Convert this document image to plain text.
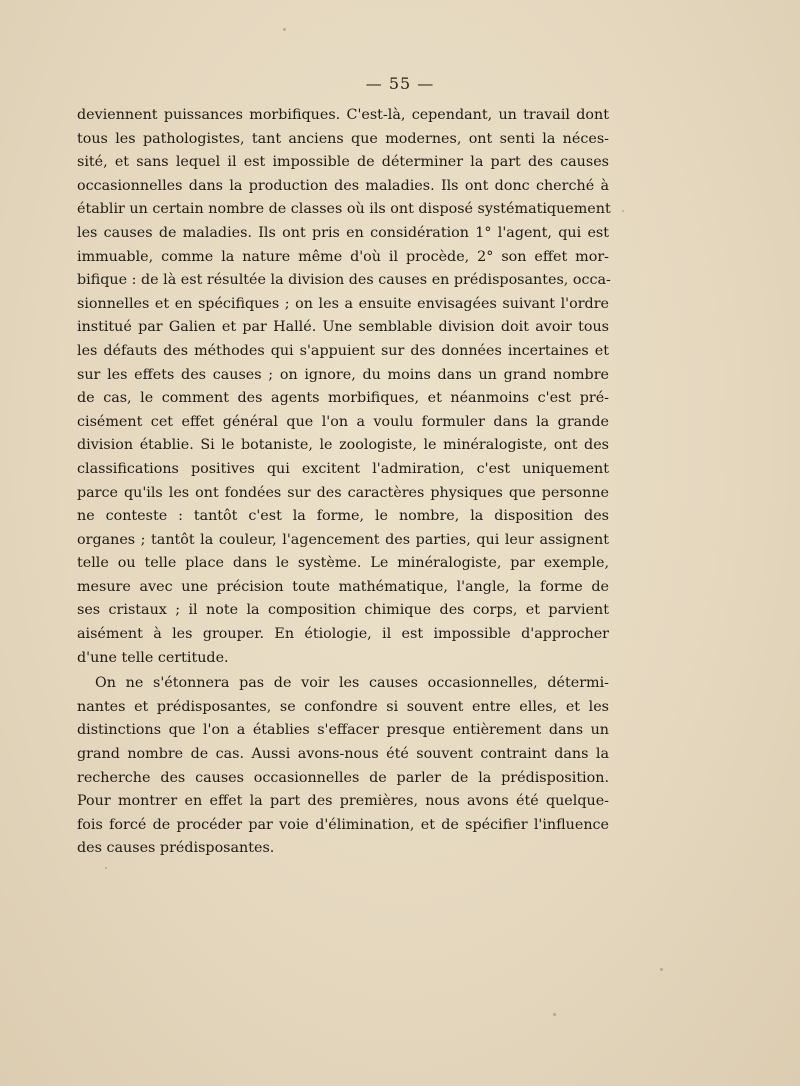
— 55 —
deviennent puissances morbifiques. C'est-là, cependant, un travail dont
tous les pathologistes, tant anciens que modernes, ont senti la néces-
sité, et sans lequel il est impossible de déterminer la part des causes
occasionnelles dans la production des maladies. Ils ont donc cherché à
établir un certain nombre de classes où ils ont disposé systématiquement
les causes de maladies. Ils ont pris en considération 1° l'agent, qui est
immuable, comme la nature même d'où il procède, 2° son effet mor-
bifique : de là est résultée la division des causes en prédisposantes, occa-
sionnelles et en spécifiques ; on les a ensuite envisagées suivant l'ordre
institué par Galien et par Hallé. Une semblable division doit avoir tous
les défauts des méthodes qui s'appuient sur des données incertaines et
sur les effets des causes ; on ignore, du moins dans un grand nombre
de cas, le comment des agents morbifiques, et néanmoins c'est pré-
cisément cet effet général que l'on a voulu formuler dans la grande
division établie. Si le botaniste, le zoologiste, le minéralogiste, ont des
classifications positives qui excitent l'admiration, c'est uniquement
parce qu'ils les ont fondées sur des caractères physiques que personne
ne conteste : tantôt c'est la forme, le nombre, la disposition des
organes ; tantôt la couleur, l'agencement des parties, qui leur assignent
telle ou telle place dans le système. Le minéralogiste, par exemple,
mesure avec une précision toute mathématique, l'angle, la forme de
ses cristaux ; il note la composition chimique des corps, et parvient
aisément à les grouper. En étiologie, il est impossible d'approcher
d'une telle certitude.
On ne s'étonnera pas de voir les causes occasionnelles, détermi-
nantes et prédisposantes, se confondre si souvent entre elles, et les
distinctions que l'on a établies s'effacer presque entièrement dans un
grand nombre de cas. Aussi avons-nous été souvent contraint dans la
recherche des causes occasionnelles de parler de la prédisposition.
Pour montrer en effet la part des premières, nous avons été quelque-
fois forcé de procéder par voie d'élimination, et de spécifier l'influence
des causes prédisposantes.
